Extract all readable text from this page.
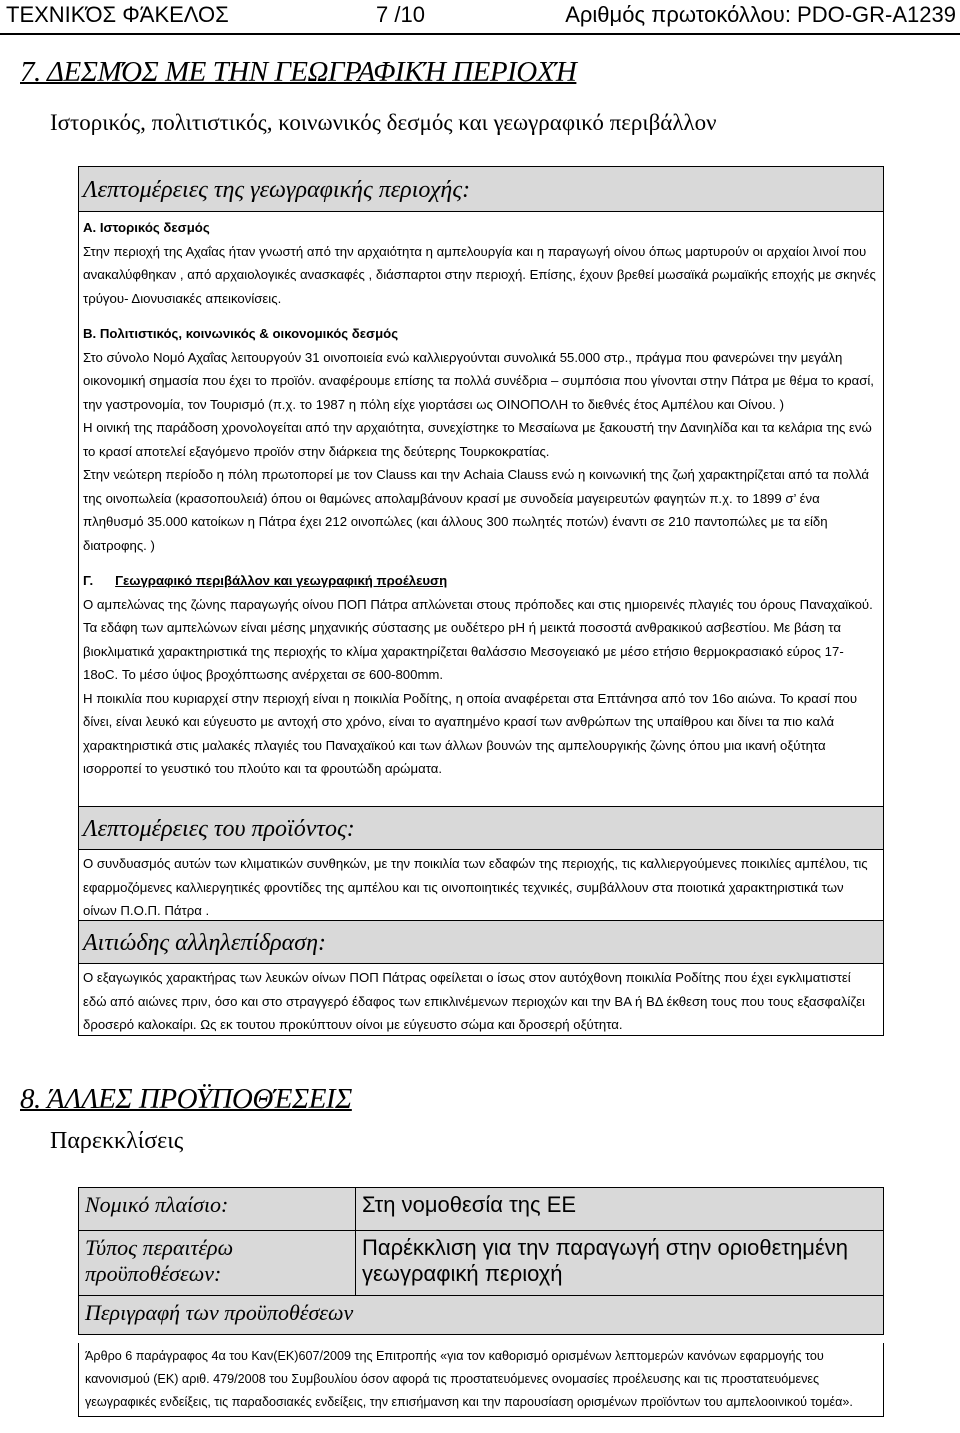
ΤΕΧΝΙΚΌΣ ΦΆΚΕΛΟΣ	7 /10	Αριθμός πρωτοκόλλου: PDO-GR-A1239
7. ΔΕΣΜΌΣ ΜΕ ΤΗΝ ΓΕΩΓΡΑΦΙΚΉ ΠΕΡΙΟΧΉ
Ιστορικός, πολιτιστικός, κοινωνικός δεσμός και γεωγραφικό περιβάλλον
Λεπτομέρειες της γεωγραφικής περιοχής:

A. Ιστορικός δεσμός

Στην περιοχή της Αχαΐας ήταν γνωστή από την αρχαιότητα η αμπελουργία και η παραγωγή οίνου όπως μαρτυρούν οι αρχαίοι λινοί που ανακαλύφθηκαν , από αρχαιολογικές ανασκαφές , διάσπαρτοι στην περιοχή. Επίσης, έχουν βρεθεί μωσαϊκά ρωμαϊκής εποχής με σκηνές τρύγου- Διονυσιακές απεικονίσεις.

B. Πολιτιστικός, κοινωνικός & οικονομικός δεσμός

Στο σύνολο Νομό Αχαΐας λειτουργούν 31 οινοποιεία ενώ καλλιεργούνται συνολικά 55.000 στρ., πράγμα που φανερώνει την μεγάλη οικονομική σημασία που έχει το προϊόν. αναφέρουμε επίσης τα πολλά συνέδρια – συμπόσια που γίνονται στην Πάτρα με θέμα το κρασί, την γαστρονομία, τον Τουρισμό (π.χ. το 1987 η πόλη είχε γιορτάσει ως ΟΙΝΟΠΟΛΗ το διεθνές έτος Αμπέλου και Οίνου. )

Η οινική της παράδοση χρονολογείται από την αρχαιότητα, συνεχίστηκε το Μεσαίωνα με ξακουστή την Δανιηλίδα και τα κελάρια της ενώ το κρασί αποτελεί εξαγόμενο προϊόν στην διάρκεια της δεύτερης Τουρκοκρατίας.

Στην νεώτερη περίοδο η πόλη πρωτοπορεί με τον Clauss και την Achaia Clauss ενώ η κοινωνική της ζωή χαρακτηρίζεται από τα πολλά της οινοπωλεία (κρασοπουλειά) όπου οι θαμώνες απολαμβάνουν κρασί με συνοδεία μαγειρευτών φαγητών π.χ. το 1899 σ’ ένα πληθυσμό 35.000 κατοίκων η Πάτρα έχει 212 οινοπώλες (και άλλους 300 πωλητές ποτών) έναντι σε 210 παντοπώλες με τα είδη διατροφης. )

Γ. Γεωγραφικό περιβάλλον και γεωγραφική προέλευση

Ο αμπελώνας της ζώνης παραγωγής οίνου ΠΟΠ Πάτρα απλώνεται στους πρόποδες και στις ημιορεινές πλαγιές του όρους Παναχαϊκού.

Τα εδάφη των αμπελώνων είναι μέσης μηχανικής σύστασης με ουδέτερο pH ή μεικτά ποσοστά ανθρακικού ασβεστίου. Με βάση τα βιοκλιματικά χαρακτηριστικά της περιοχής το κλίμα χαρακτηρίζεται θαλάσσιο Μεσογειακό με μέσο ετήσιο θερμοκρασιακό εύρος 17-18oC. Το μέσο ύψος βροχόπτωσης ανέρχεται σε 600-800mm.

Η ποικιλία που κυριαρχεί στην περιοχή είναι η ποικιλία Ροδίτης, η οποία αναφέρεται στα Επτάνησα από τον 16ο αιώνα. Το κρασί που δίνει, είναι λευκό και εύγευστο με αντοχή στο χρόνο, είναι το αγαπημένο κρασί των ανθρώπων της υπαίθρου και δίνει τα πιο καλά χαρακτηριστικά στις μαλακές πλαγιές του Παναχαϊκού και των άλλων βουνών της αμπελουργικής ζώνης όπου μια ικανή οξύτητα ισορροπεί το γευστικό του πλούτο και τα φρουτώδη αρώματα.

Λεπτομέρειες του προϊόντος:

Ο συνδυασμός αυτών των κλιματικών συνθηκών, με την ποικιλία των εδαφών της περιοχής, τις καλλιεργούμενες ποικιλίες αμπέλου, τις εφαρμοζόμενες καλλιεργητικές φροντίδες της αμπέλου και τις οινοποιητικές τεχνικές, συμβάλλουν στα ποιοτικά χαρακτηριστικά των οίνων Π.Ο.Π. Πάτρα .

Αιτιώδης αλληλεπίδραση:

Ο εξαγωγικός χαρακτήρας των λευκών οίνων ΠΟΠ Πάτρας οφείλεται ο ίσως στον αυτόχθονη ποικιλία Ροδίτης που έχει εγκλιματιστεί εδώ από αιώνες πριν, όσο και στο στραγγερό έδαφος των επικλινέμενων περιοχών και την ΒΑ ή ΒΔ έκθεση τους που τους εξασφαλίζει δροσερό καλοκαίρι. Ως εκ τουτου προκύπτουν οίνοι με εύγευστο σώμα και δροσερή οξύτητα.

8. ΆΛΛΕΣ ΠΡΟΫΠΟΘΈΣΕΙΣ
Παρεκκλίσεις
Νομικό πλαίσιο:	Στη νομοθεσία της ΕΕ
Τύπος περαιτέρω προϋποθέσεων:	Παρέκκλιση για την παραγωγή στην οριοθετημένη γεωγραφική περιοχή
Περιγραφή των προϋποθέσεων	
Άρθρο 6 παράγραφος 4α του Καν(ΕΚ)607/2009 της Επιτροπής «για τον καθορισμό ορισμένων λεπτομερών κανόνων εφαρμογής του κανονισμού (ΕΚ) αριθ. 479/2008 του Συμβουλίου όσον αφορά τις προστατευόμενες ονομασίες προέλευσης και τις προστατευόμενες γεωγραφικές ενδείξεις, τις παραδοσιακές ενδείξεις, την επισήμανση και την παρουσίαση ορισμένων προϊόντων του αμπελοοινικού τομέα».
